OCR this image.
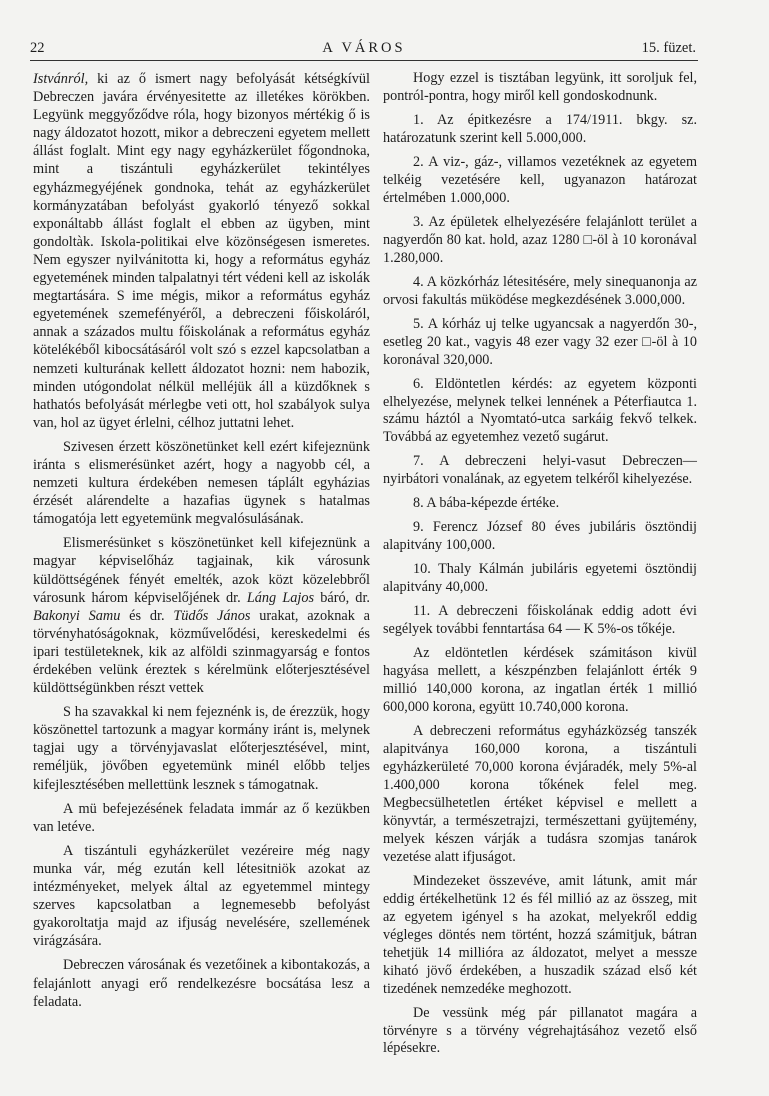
22	A VÁROS	15. füzet.

Istvánról, ki az ő ismert nagy befolyását kétségkívül Debreczen javára érvényesitette az illetékes körökben. Legyünk meggyőződve róla, hogy bizonyos mértékig ő is nagy áldozatot hozott, mikor a debreczeni egyetem mellett állást foglalt. Mint egy nagy egyházkerület főgondnoka, mint a tiszántuli egyházkerület tekintélyes egyházmegyéjének gondnoka, tehát az egyházkerület kormányzatában befolyást gyakorló tényező sokkal exponáltabb állást foglalt el ebben az ügyben, mint gondoltàk. Iskola-politikai elve közönségesen ismeretes. Nem egyszer nyilvánitotta ki, hogy a református egyház egyetemének minden talpalatnyi tért védeni kell az iskolák megtartására. S ime mégis, mikor a református egyház egyetemének szemefényéről, a debreczeni főiskoláról, annak a százados multu főiskolának a református egyház kötelékéből kibocsátásáról volt szó s ezzel kapcsolatban a nemzeti kulturának kellett áldozatot hozni: nem habozik, minden utógondolat nélkül melléjük áll a küzdőknek s hathatós befolyását mérlegbe veti ott, hol szabályok sulya van, hol az ügyet érlelni, célhoz juttatni lehet.

Szivesen érzett köszönetünket kell ezért kifejeznünk iránta s elismerésünket azért, hogy a nagyobb cél, a nemzeti kultura érdekében nemesen táplált egyházias érzését alárendelte a hazafias ügynek s hatalmas támogatója lett egyetemünk megvalósulásának.

Elismerésünket s köszönetünket kell kifejeznünk a magyar képviselőház tagjainak, kik városunk küldöttségének fényét emelték, azok közt közelebbről városunk három képviselőjének dr. Láng Lajos báró, dr. Bakonyi Samu és dr. Tüdős János urakat, azoknak a törvényhatóságoknak, közművelődési, kereskedelmi és ipari testületeknek, kik az alföldi szinmagyarság e fontos érdekében velünk éreztek s kérelmünk előterjesztésével küldöttségünkben részt vettek

S ha szavakkal ki nem fejeznénk is, de érezzük, hogy köszönettel tartozunk a magyar kormány iránt is, melynek tagjai ugy a törvényjavaslat előterjesztésével, mint, reméljük, jövőben egyetemünk minél előbb teljes kifejlesztésében mellettünk lesznek s támogatnak.

A mü befejezésének feladata immár az ő kezükben van letéve.

A tiszántuli egyházkerület vezéreire még nagy munka vár, még ezután kell létesitniök azokat az intézményeket, melyek által az egyetemmel mintegy szerves kapcsolatban a legnemesebb befolyást gyakoroltatja majd az ifjuság nevelésére, szellemének virágzására.

Debreczen városának és vezetőinek a kibontakozás, a felajánlott anyagi erő rendelkezésre bocsátása lesz a feladata.

Hogy ezzel is tisztában legyünk, itt soroljuk fel, pontról-pontra, hogy miről kell gondoskodnunk.

1. Az épitkezésre a 174/1911. bkgy. sz. határozatunk szerint kell 5.000,000.

2. A viz-, gáz-, villamos vezetéknek az egyetem telkéig vezetésére kell, ugyanazon határozat értelmében 1.000,000.

3. Az épületek elhelyezésére felajánlott terület a nagyerdőn 80 kat. hold, azaz 1280 □-öl à 10 koronával 1.280,000.

4. A közkórház létesitésére, mely sinequanonja az orvosi fakultás müködése megkezdésének 3.000,000.

5. A kórház uj telke ugyancsak a nagyerdőn 30-, esetleg 20 kat., vagyis 48 ezer vagy 32 ezer □-öl à 10 koronával 320,000.

6. Eldöntetlen kérdés: az egyetem központi elhelyezése, melynek telkei lennének a Péterfiautca 1. számu háztól a Nyomtató-utca sarkáig fekvő telkek. Továbbá az egyetemhez vezető sugárut.

7. A debreczeni helyi-vasut Debreczen—nyirbátori vonalának, az egyetem telkéről kihelyezése.

8. A bába-képezde értéke.

9. Ferencz József 80 éves jubiláris ösztöndij alapitvány 100,000.

10. Thaly Kálmán jubiláris egyetemi ösztöndij alapitvány 40,000.

11. A debreczeni főiskolának eddig adott évi segélyek további fenntartása 64 — K 5%-os tőkéje.

Az eldöntetlen kérdések számitáson kivül hagyása mellett, a készpénzben felajánlott érték 9 millió 140,000 korona, az ingatlan érték 1 millió 600,000 korona, együtt 10.740,000 korona.

A debreczeni református egyházközség tanszék alapitványa 160,000 korona, a tiszántuli egyházkerületé 70,000 korona évjáradék, mely 5%-al 1.400,000 korona tőkének felel meg. Megbecsülhetetlen értéket képvisel e mellett a könyvtár, a természetrajzi, természettani gyüjtemény, melyek készen várják a tudásra szomjas tanárok vezetése alatt ifjuságot.

Mindezeket összevéve, amit látunk, amit már eddig értékelhetünk 12 és fél millió az az összeg, mit az egyetem igényel s ha azokat, melyekről eddig végleges döntés nem történt, hozzá számitjuk, bátran tehetjük 14 millióra az áldozatot, melyet a messze kiható jövő érdekében, a huszadik század első két tizedének nemzedéke meghozott.

De vessünk még pár pillanatot magára a törvényre s a törvény végrehajtásához vezető első lépésekre.
